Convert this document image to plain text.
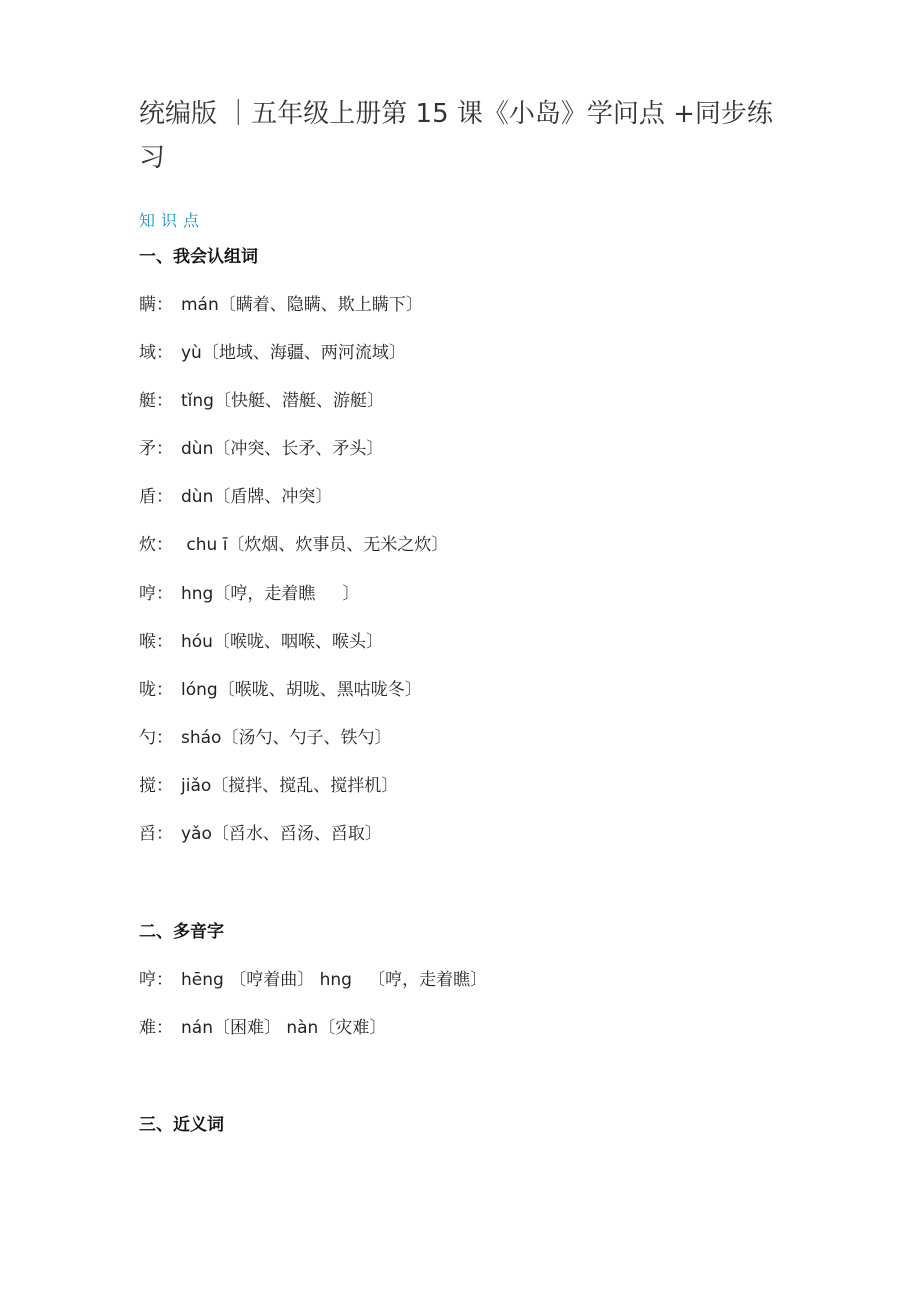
统编版 ｜五年级上册第 15 课《小岛》学问点 +同步练习
知识点
一、我会认组词
瞒： mán〔瞒着、隐瞒、欺上瞒下〕
域： yù〔地域、海疆、两河流域〕
艇： tǐng〔快艇、潜艇、游艇〕
矛： dùn〔冲突、长矛、矛头〕
盾： dùn〔盾牌、冲突〕
炊： chu ī〔炊烟、炊事员、无米之炊〕
哼： hng〔哼，走着瞧     〕
喉： hóu〔喉咙、咽喉、喉头〕
咙： lóng〔喉咙、胡咙、黑咕咙冬〕
勺： sháo〔汤勺、勺子、铁勺〕
搅： jiǎo〔搅拌、搅乱、搅拌机〕
舀： yǎo〔舀水、舀汤、舀取〕
二、多音字
哼： hēng 〔哼着曲〕 hng   〔哼，走着瞧〕
难： nán〔困难〕 nàn〔灾难〕
三、近义词
